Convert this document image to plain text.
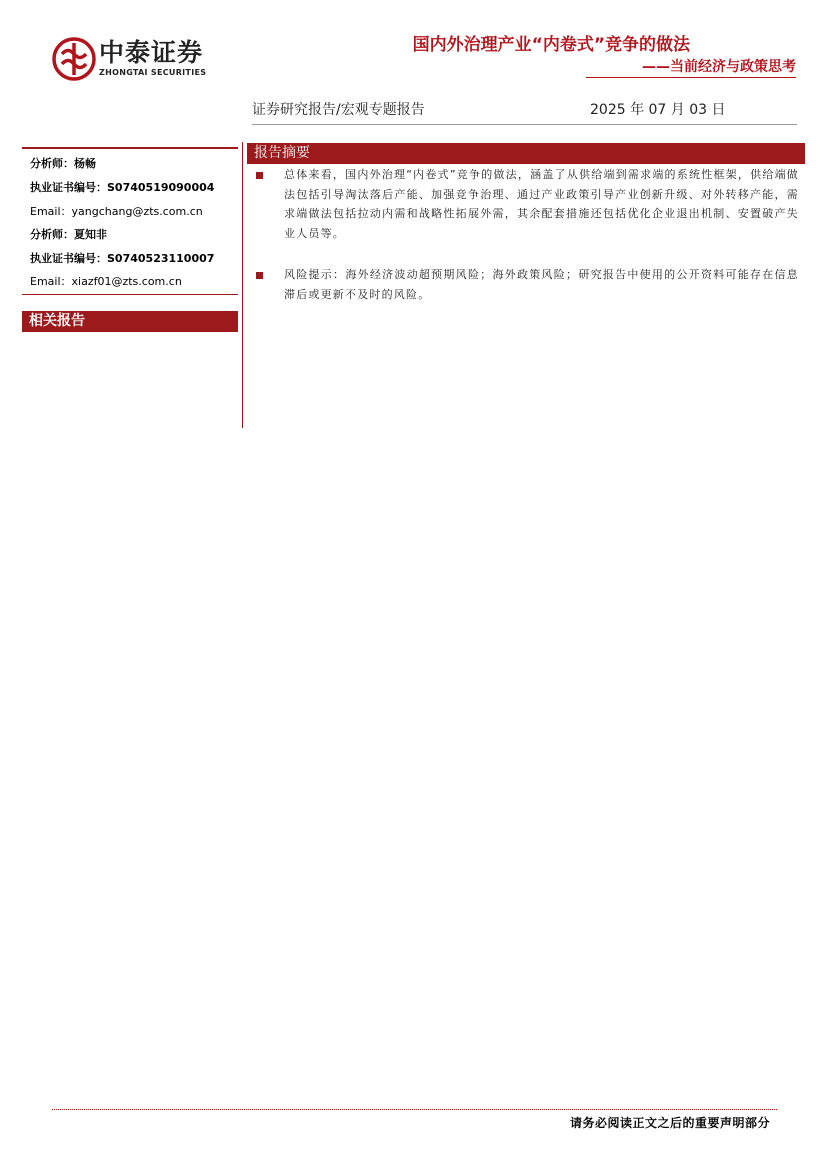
中泰证券
ZHONGTAI SECURITIES
国内外治理产业“内卷式”竞争的做法
——当前经济与政策思考
证券研究报告/宏观专题报告	2025 年 07 月 03 日
分析师：杨畅
执业证书编号：S0740519090004
Email：yangchang@zts.com.cn
分析师：夏知非
执业证书编号：S0740523110007
Email：xiazf01@zts.com.cn
相关报告
报告摘要
总体来看，国内外治理“内卷式”竞争的做法，涵盖了从供给端到需求端的系统性框架，供给端做法包括引导淘汰落后产能、加强竞争治理、通过产业政策引导产业创新升级、对外转移产能，需求端做法包括拉动内需和战略性拓展外需，其余配套措施还包括优化企业退出机制、安置破产失业人员等。
风险提示：海外经济波动超预期风险；海外政策风险；研究报告中使用的公开资料可能存在信息滞后或更新不及时的风险。
请务必阅读正文之后的重要声明部分
